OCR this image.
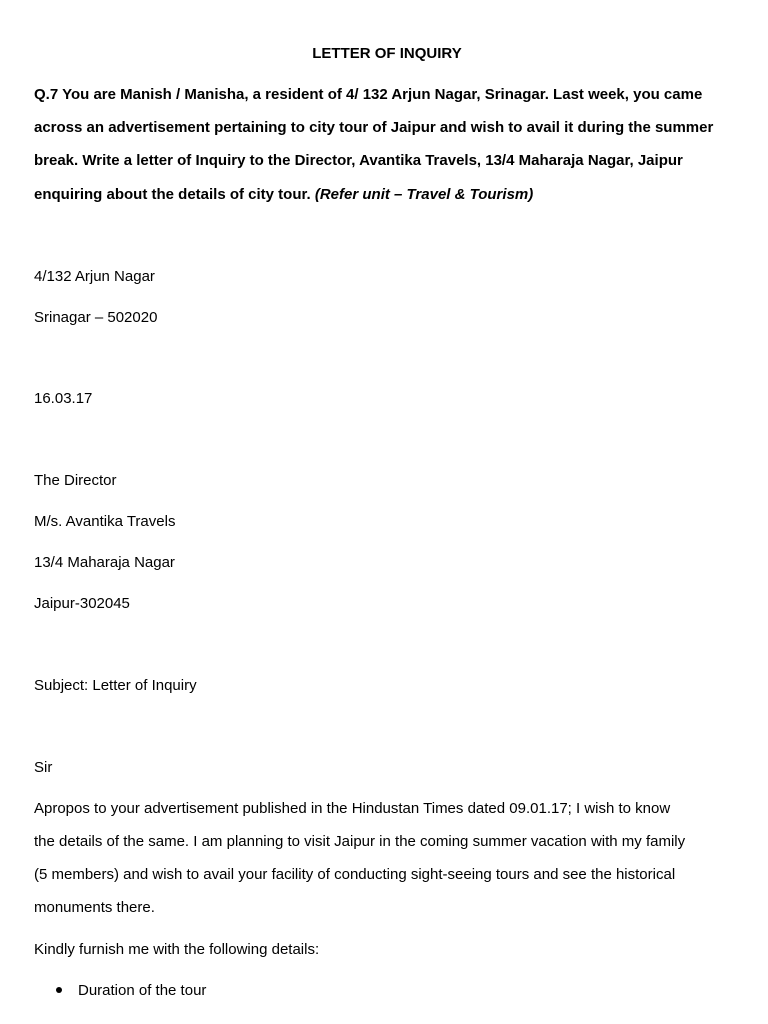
LETTER OF INQUIRY
Q.7 You are Manish / Manisha, a resident of 4/ 132 Arjun Nagar, Srinagar. Last week, you came
across an advertisement pertaining to city tour of Jaipur and wish to avail it during the summer
break. Write a letter of Inquiry to the Director, Avantika Travels, 13/4 Maharaja Nagar, Jaipur
enquiring about the details of city tour. (Refer unit – Travel & Tourism)
4/132 Arjun Nagar
Srinagar – 502020
16.03.17
The Director
M/s. Avantika Travels
13/4 Maharaja Nagar
Jaipur-302045
Subject: Letter of Inquiry
Sir
Apropos to your advertisement published in the Hindustan Times dated 09.01.17; I wish to know
the details of the same. I am planning to visit Jaipur in the coming summer vacation with my family
(5 members) and wish to avail your facility of conducting sight-seeing tours and see the historical
monuments there.
Kindly furnish me with the following details:
Duration of the tour
